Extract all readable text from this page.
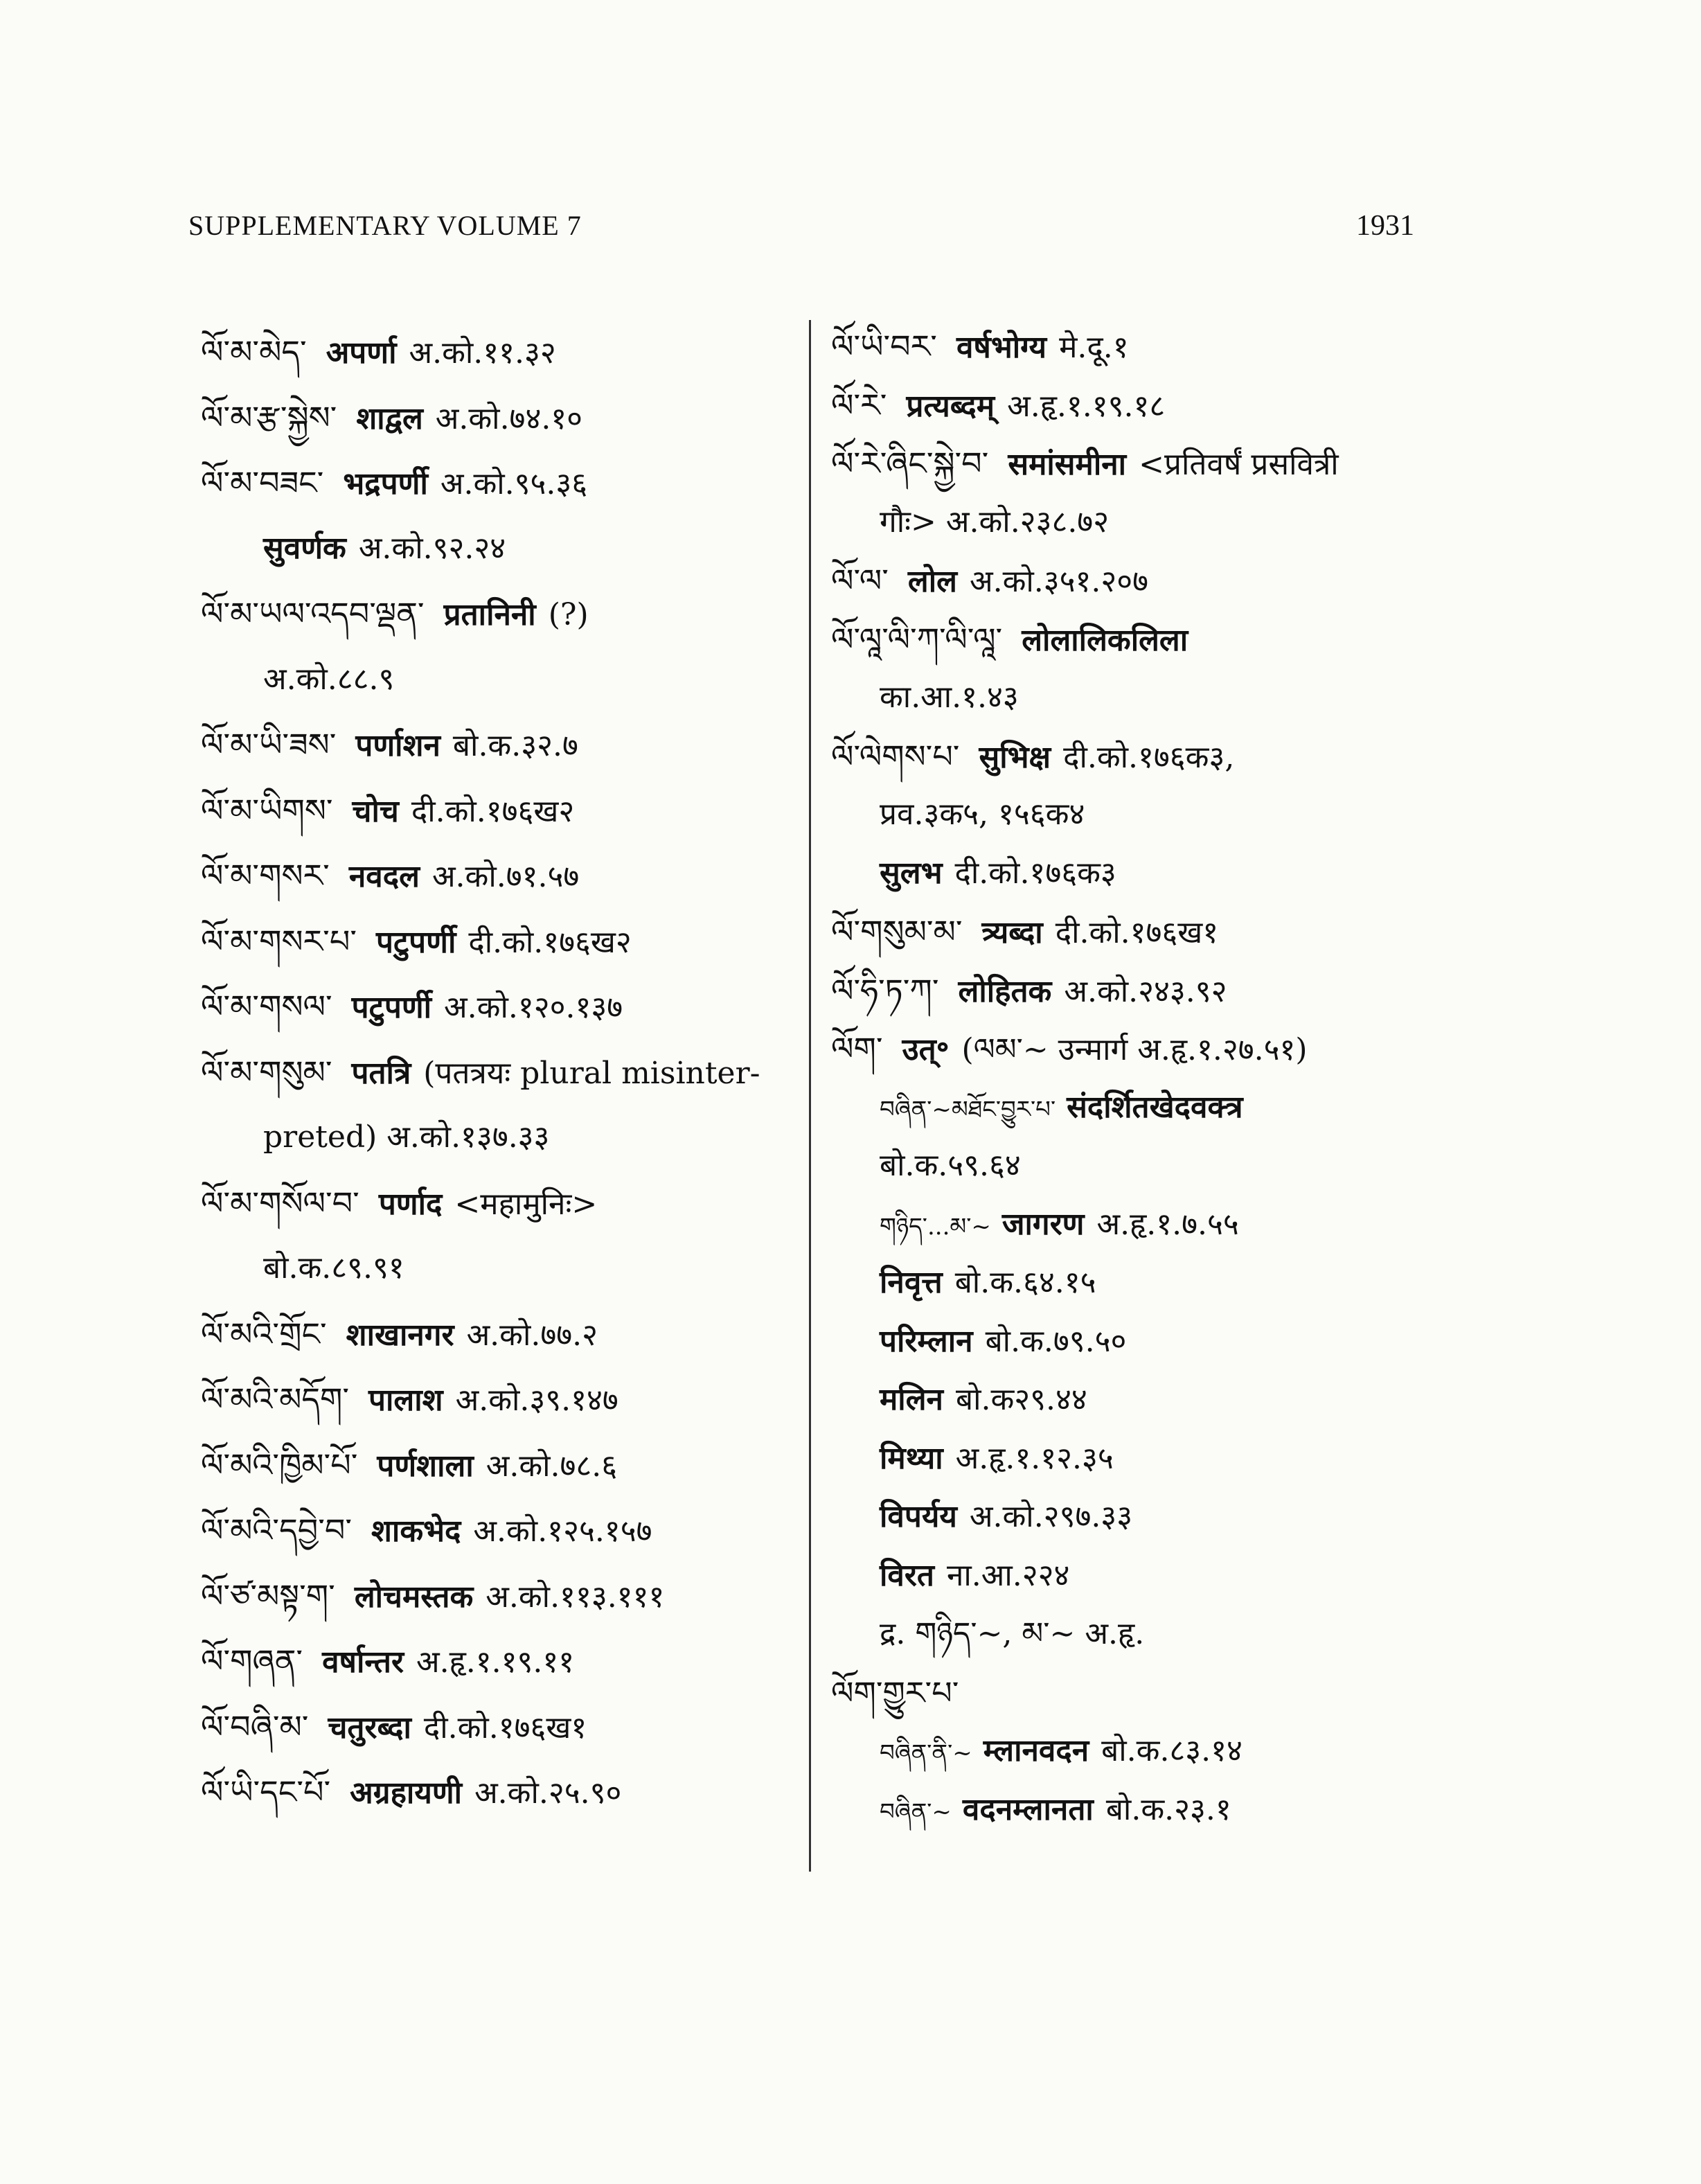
SUPPLEMENTARY VOLUME 7	1931
ལོ་མ་མེད་ अपर्णा अ.को.११.३२
ལོ་མ་རྩ་སྐྱེས་ शाद्वल अ.को.७४.१०
ལོ་མ་བཟང་ भद्रपर्णी अ.को.९५.३६
सुवर्णक अ.को.९२.२४
ལོ་མ་ཡལ་འདབ་ལྡན་ प्रतानिनी (?)
अ.को.८८.९
ལོ་མ་ཡི་ཟས་ पर्णाशन बो.क.३२.७
ལོ་མ་ཡིགས་ चोच दी.को.१७६ख२
ལོ་མ་གསར་ नवदल अ.को.७१.५७
ལོ་མ་གསར་པ་ पटुपर्णी दी.को.१७६ख२
ལོ་མ་གསལ་ पटुपर्णी अ.को.१२०.१३७
ལོ་མ་གསུམ་ पतत्रि (पतत्रयः plural misinter-
preted) अ.को.१३७.३३
ལོ་མ་གསོལ་བ་ पर्णाद <महामुनिः>
बो.क.८९.९१
ལོ་མའི་གྲོང་ शाखानगर अ.को.७७.२
ལོ་མའི་མདོག་ पालाश अ.को.३९.१४७
ལོ་མའི་ཁྱིམ་པོ་ पर्णशाला अ.को.७८.६
ལོ་མའི་དབྱེ་བ་ शाकभेद अ.को.१२५.१५७
ལོ་ཙ་མསྟ་ག་ लोचमस्तक अ.को.११३.१११
ལོ་གཞན་ वर्षान्तर अ.हृ.१.१९.११
ལོ་བཞི་མ་ चतुरब्दा दी.को.१७६ख१
ལོ་ཡི་དང་པོ་ अग्रहायणी अ.को.२५.९०
ལོ་ཡི་བར་ वर्षभोग्य मे.दू.१
ལོ་རེ་ प्रत्यब्दम् अ.हृ.१.१९.१८
ལོ་རེ་ཞིང་སྐྱེ་བ་ समांसमीना <प्रतिवर्षं प्रसवित्री
गौः> अ.को.२३८.७२
ལོ་ལ་ लोल अ.को.३५१.२०७
ལོ་ལཱ་ལི་ཀ་ལི་ལཱ་ लोलालिकलिला
का.आ.१.४३
ལོ་ལེགས་པ་ सुभिक्ष दी.को.१७६क३,
प्रव.३क५, १५६क४
सुलभ दी.को.१७६क३
ལོ་གསུམ་མ་ त्र्यब्दा दी.को.१७६ख१
ལོ་ཧི་ཏ་ཀ་ लोहितक अ.को.२४३.९२
ལོག་ उत्॰ (ལམ་~ उन्मार्ग अ.हृ.१.२७.५१)
བཞིན་~མཐོང་བྱུར་པ་ संदर्शितखेदवक्त्र
बो.क.५९.६४
གཉིད་...མ་~ जागरण अ.हृ.१.७.५५
निवृत्त बो.क.६४.१५
परिम्लान बो.क.७९.५०
मलिन बो.क२९.४४
मिथ्या अ.हृ.१.१२.३५
विपर्यय अ.को.२९७.३३
विरत ना.आ.२२४
द्र. གཉིད་~, མ་~ अ.हृ.
ལོག་གྱུར་པ་
བཞིན་ནི་~ म्लानवदन बो.क.८३.१४
བཞིན་~ वदनम्लानता बो.क.२३.१
